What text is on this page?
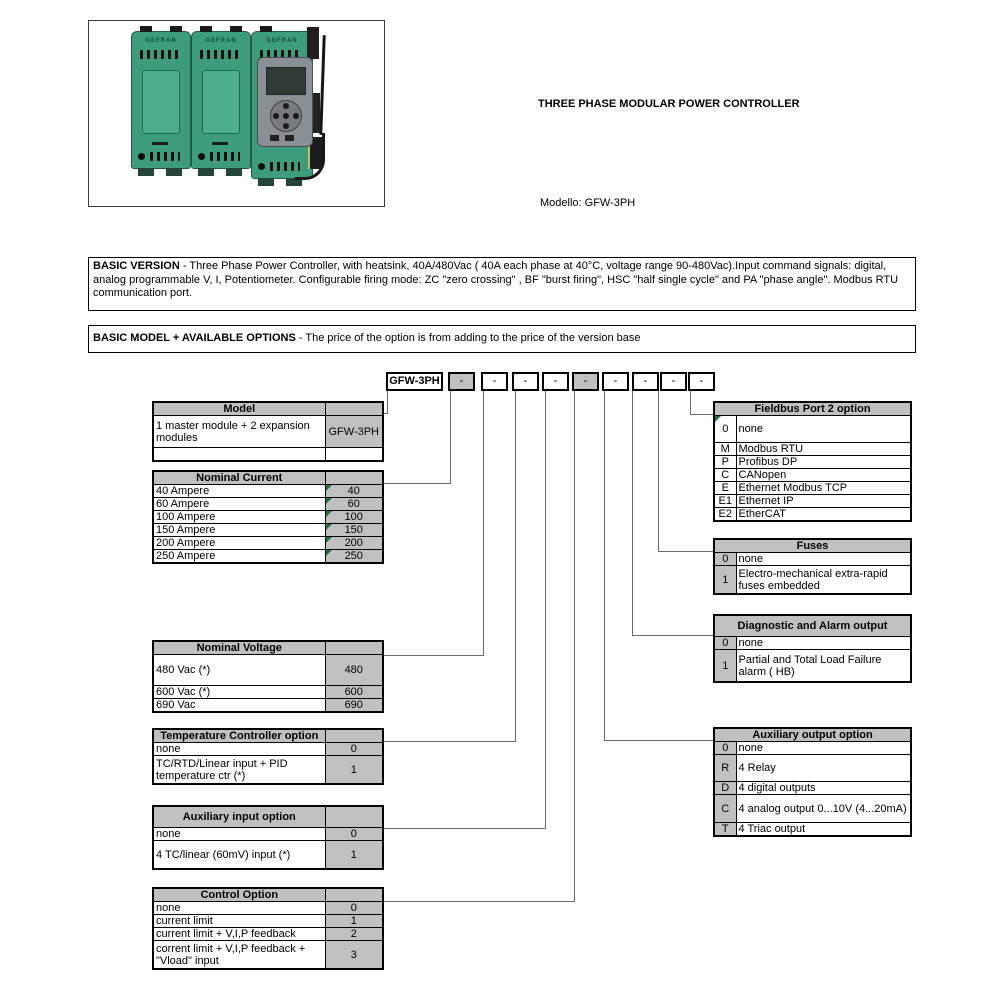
GEFRAN	GEFRAN	GEFRAN
THREE PHASE MODULAR POWER CONTROLLER
Modello: GFW-3PH
BASIC VERSION - Three Phase Power Controller, with heatsink, 40A/480Vac ( 40A each phase at 40°C, voltage range 90-480Vac).Input command signals: digital, analog programmable V, I, Potentiometer. Configurable firing mode: ZC "zero crossing" , BF "burst firing", HSC "half single cycle" and PA "phase angle". Modbus RTU communication port.
BASIC MODEL + AVAILABLE OPTIONS - The price of the option is from adding to the price of the version base
GFW-3PH	-	-	-	-	-	-	-	-	-
Model	
1 master module + 2 expansion modules	GFW-3PH

Nominal Current	
40 Ampere	40
60 Ampere	60
100 Ampere	100
150 Ampere	150
200 Ampere	200
250 Ampere	250
Nominal Voltage	
480 Vac (*)	480
600 Vac (*)	600
690 Vac	690
Temperature Controller option	
none	0
TC/RTD/Linear input + PID temperature ctr (*)	1
Auxiliary input option	
none	0
4 TC/linear (60mV) input (*)	1
Control Option	
none	0
current limit	1
current limit + V,I,P feedback	2
corrent limit + V,I,P feedback + "Vload" input	3
Fieldbus Port 2 option	

0	none
M	Modbus RTU
P	Profibus DP
C	CANopen
E	Ethernet Modbus TCP
E1	Ethernet IP
E2	EtherCAT
Fuses	
0	none
1	Electro-mechanical extra-rapid fuses embedded
Diagnostic and Alarm output	
0	none
1	Partial and Total Load Failure alarm ( HB)
Auxiliary output option	
0	none
R	4 Relay
D	4 digital outputs
C	4 analog output 0...10V (4...20mA)
T	4 Triac output
